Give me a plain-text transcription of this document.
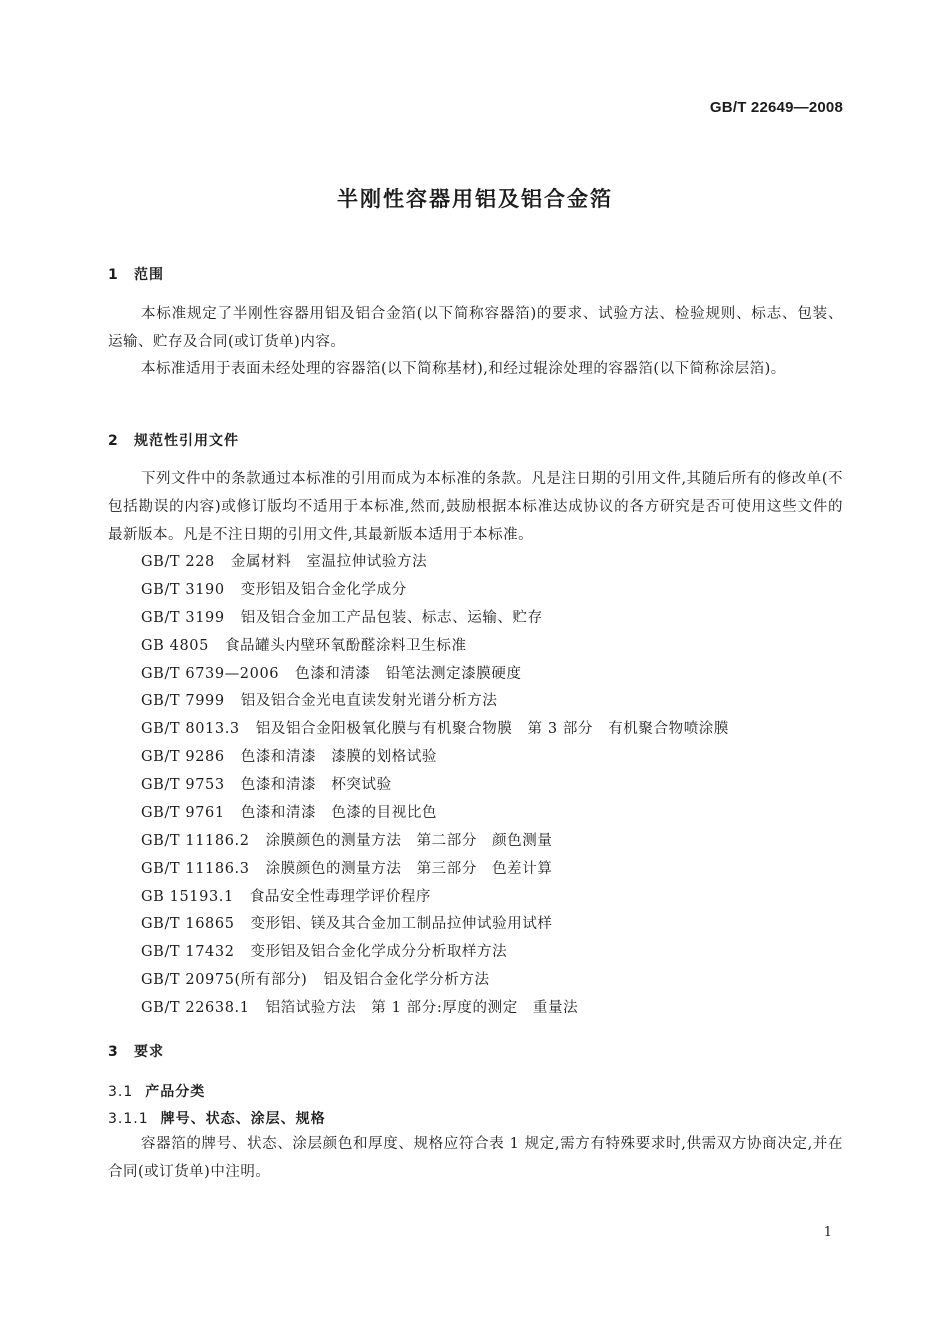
GB/T 22649—2008
半刚性容器用铝及铝合金箔
1 范围
本标准规定了半刚性容器用铝及铝合金箔(以下简称容器箔)的要求、试验方法、检验规则、标志、包装、运输、贮存及合同(或订货单)内容。
本标准适用于表面未经处理的容器箔(以下简称基材),和经过辊涂处理的容器箔(以下简称涂层箔)。
2 规范性引用文件
下列文件中的条款通过本标准的引用而成为本标准的条款。凡是注日期的引用文件,其随后所有的修改单(不包括勘误的内容)或修订版均不适用于本标准,然而,鼓励根据本标准达成协议的各方研究是否可使用这些文件的最新版本。凡是不注日期的引用文件,其最新版本适用于本标准。
GB/T 228 金属材料　室温拉伸试验方法
GB/T 3190 变形铝及铝合金化学成分
GB/T 3199 铝及铝合金加工产品包装、标志、运输、贮存
GB 4805 食品罐头内壁环氧酚醛涂料卫生标准
GB/T 6739—2006 色漆和清漆　铅笔法测定漆膜硬度
GB/T 7999 铝及铝合金光电直读发射光谱分析方法
GB/T 8013.3 铝及铝合金阳极氧化膜与有机聚合物膜　第 3 部分　有机聚合物喷涂膜
GB/T 9286 色漆和清漆　漆膜的划格试验
GB/T 9753 色漆和清漆　杯突试验
GB/T 9761 色漆和清漆　色漆的目视比色
GB/T 11186.2 涂膜颜色的测量方法　第二部分　颜色测量
GB/T 11186.3 涂膜颜色的测量方法　第三部分　色差计算
GB 15193.1 食品安全性毒理学评价程序
GB/T 16865 变形铝、镁及其合金加工制品拉伸试验用试样
GB/T 17432 变形铝及铝合金化学成分分析取样方法
GB/T 20975(所有部分) 铝及铝合金化学分析方法
GB/T 22638.1 铝箔试验方法　第 1 部分:厚度的测定　重量法
3 要求
3.1 产品分类
3.1.1 牌号、状态、涂层、规格
容器箔的牌号、状态、涂层颜色和厚度、规格应符合表 1 规定,需方有特殊要求时,供需双方协商决定,并在合同(或订货单)中注明。
1
